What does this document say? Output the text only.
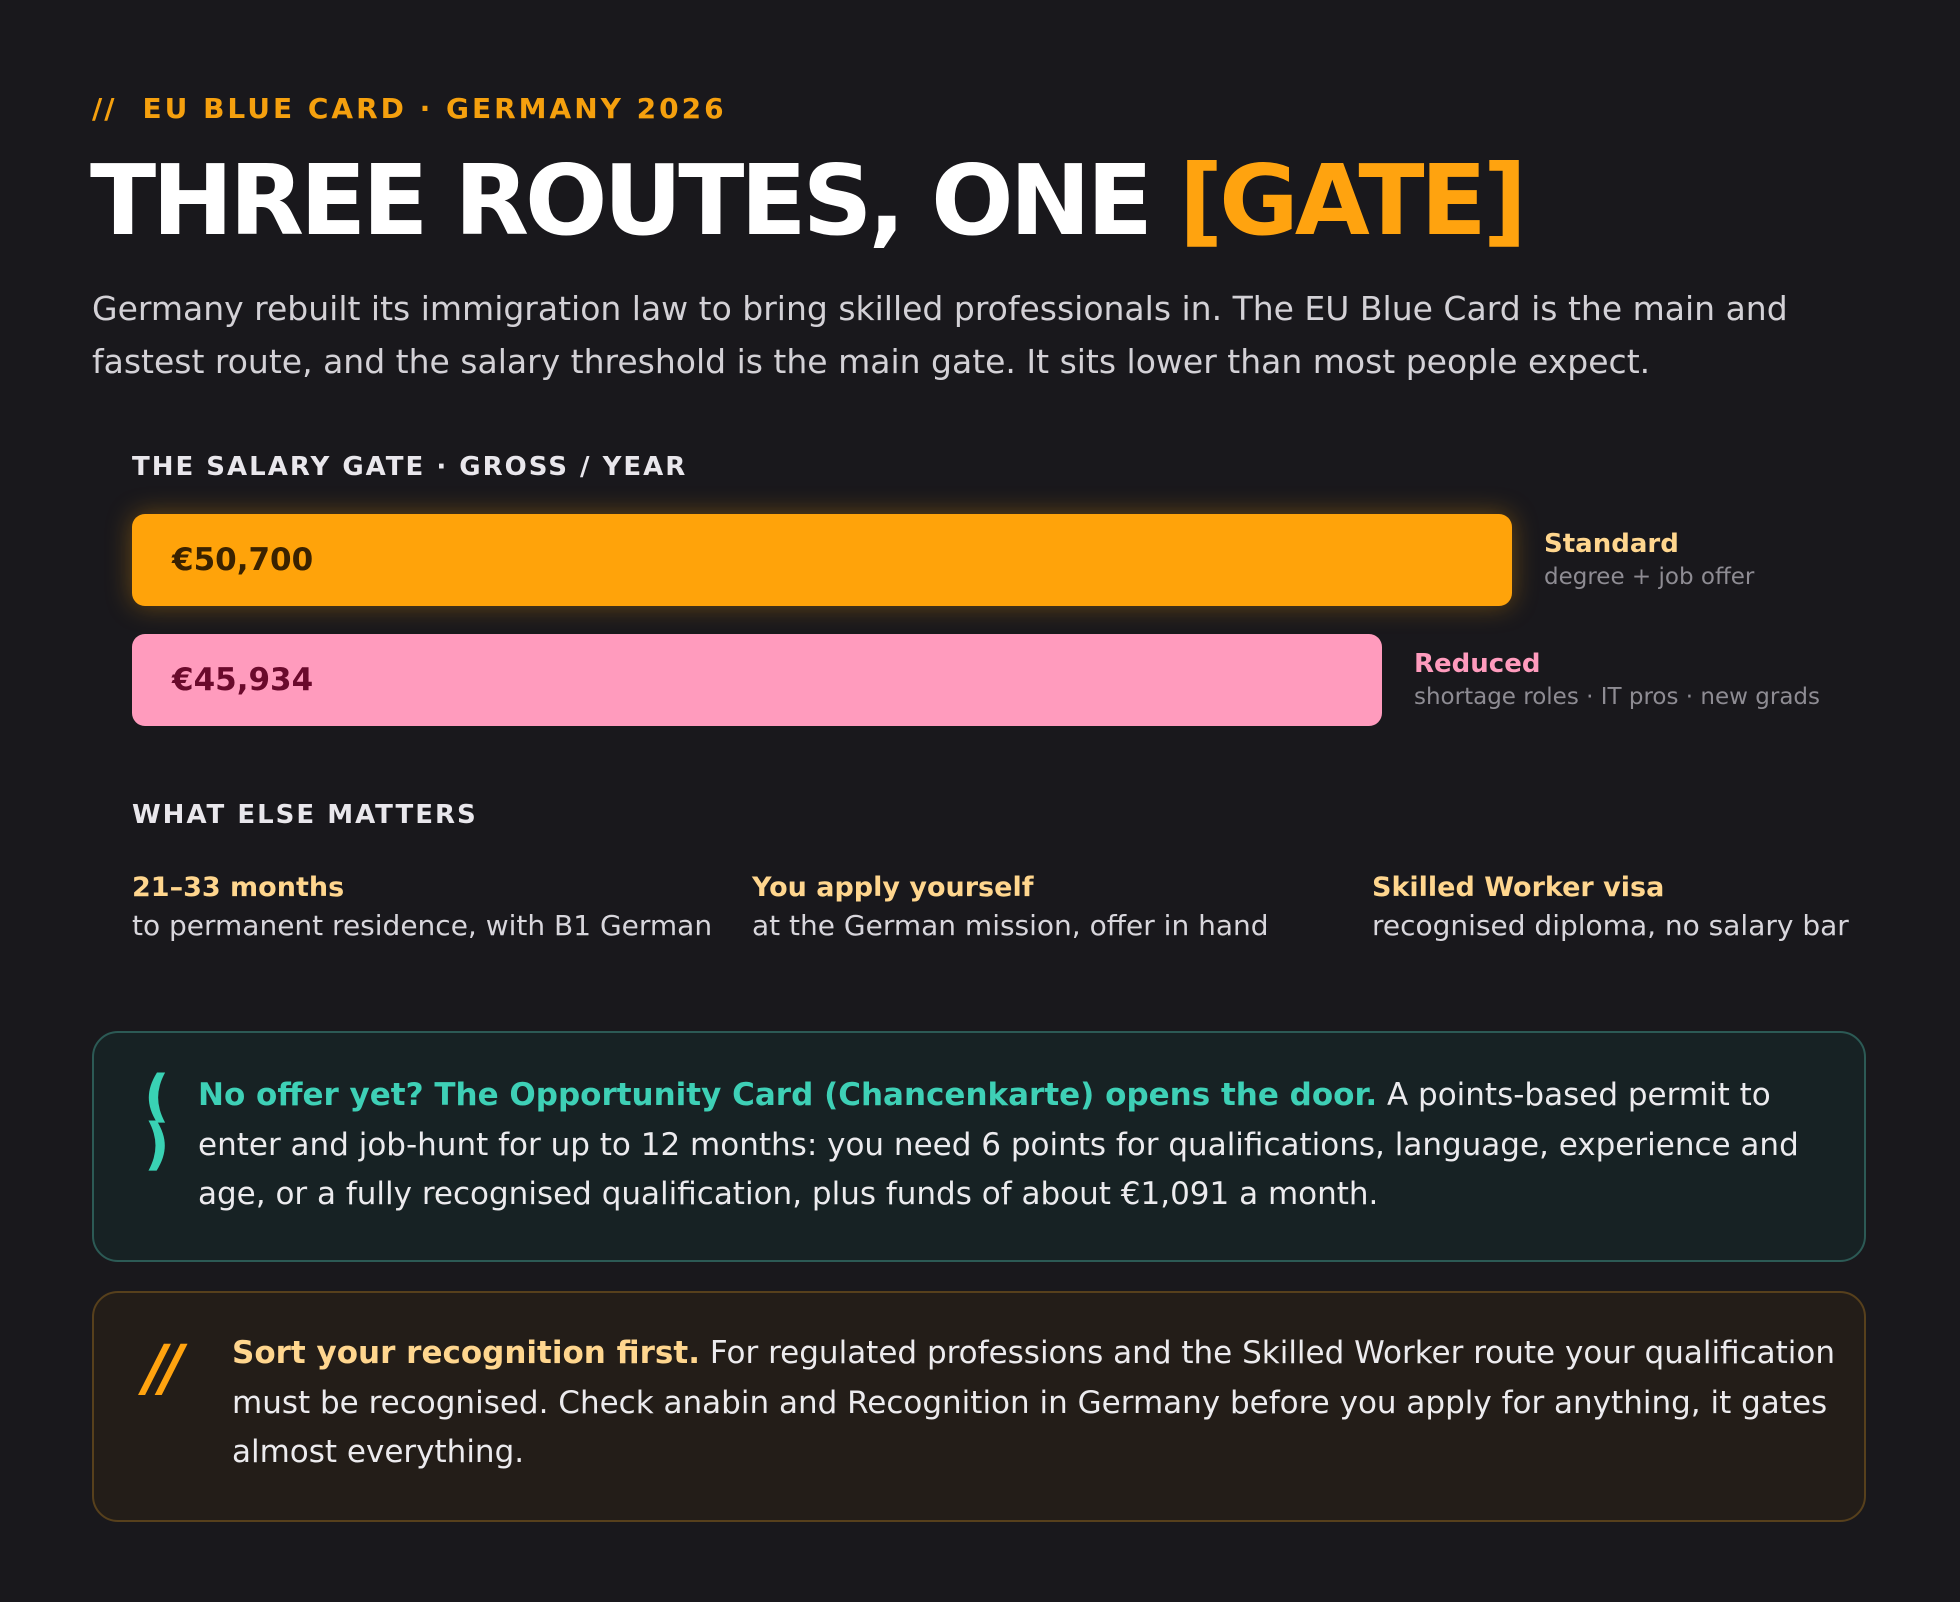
// EU BLUE CARD · GERMANY 2026
THREE ROUTES, ONE [GATE]

Germany rebuilt its immigration law to bring skilled professionals in. The EU Blue Card is the main and fastest route, and the salary threshold is the main gate. It sits lower than most people expect.

THE SALARY GATE · GROSS / YEAR
€50,700	Standard
degree + job offer
€45,934	Reduced
shortage roles · IT pros · new grads
WHAT ELSE MATTERS
21–33 months
to permanent residence, with B1 German
You apply yourself
at the German mission, offer in hand
Skilled Worker visa
recognised diploma, no salary bar
(
)
No offer yet? The Opportunity Card (Chancenkarte) opens the door. A points-based permit to enter and job-hunt for up to 12 months: you need 6 points for qualifications, language, experience and age, or a fully recognised qualification, plus funds of about €1,091 a month.
// Sort your recognition first. For regulated professions and the Skilled Worker route your qualification must be recognised. Check anabin and Recognition in Germany before you apply for anything, it gates almost everything.
